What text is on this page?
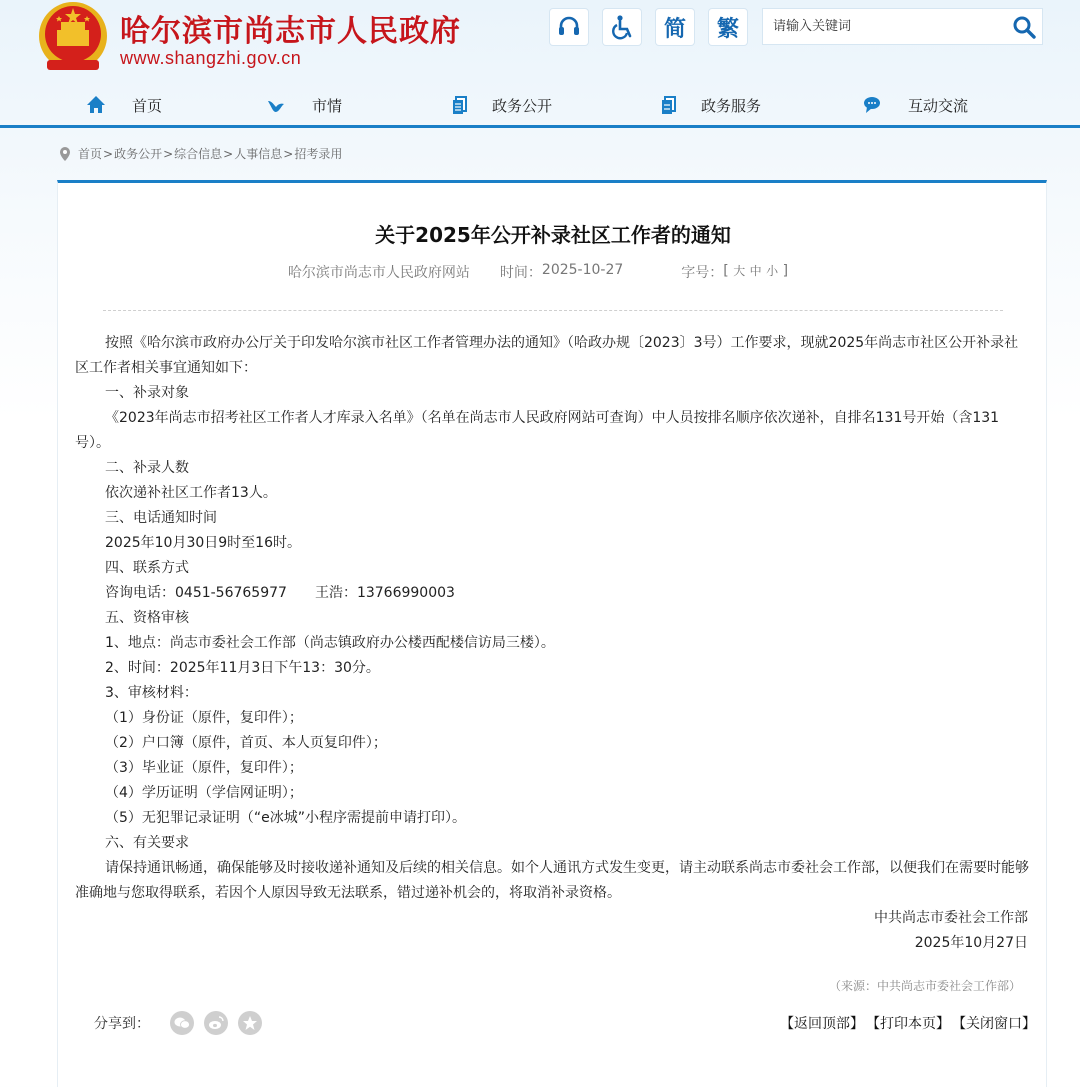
哈尔滨市尚志市人民政府
www.shangzhi.gov.cn
简	繁	请输入关键词
首页	市情	政务公开	政务服务	互动交流
首页 > 政务公开 > 综合信息 > 人事信息 > 招考录用
关于2025年公开补录社区工作者的通知
哈尔滨市尚志市人民政府网站 时间： 2025-10-27	字号： [ 大 中 小 ]

按照《哈尔滨市政府办公厅关于印发哈尔滨市社区工作者管理办法的通知》（哈政办规〔2023〕3号）工作要求，现就2025年尚志市社区公开补录社区工作者相关事宜通知如下：

一、补录对象

《2023年尚志市招考社区工作者人才库录入名单》（名单在尚志市人民政府网站可查询）中人员按排名顺序依次递补，自排名131号开始（含131号）。

二、补录人数

依次递补社区工作者13人。

三、电话通知时间

2025年10月30日9时至16时。

四、联系方式

咨询电话：0451-56765977　　王浩：13766990003

五、资格审核

1、地点：尚志市委社会工作部（尚志镇政府办公楼西配楼信访局三楼）。

2、时间：2025年11月3日下午13：30分。

3、审核材料：

（1）身份证（原件，复印件）；

（2）户口簿（原件，首页、本人页复印件）；

（3）毕业证（原件，复印件）；

（4）学历证明（学信网证明）；

（5）无犯罪记录证明（“e冰城”小程序需提前申请打印）。

六、有关要求

请保持通讯畅通，确保能够及时接收递补通知及后续的相关信息。如个人通讯方式发生变更，请主动联系尚志市委社会工作部，以便我们在需要时能够准确地与您取得联系，若因个人原因导致无法联系，错过递补机会的，将取消补录资格。

中共尚志市委社会工作部

2025年10月27日

（来源：中共尚志市委社会工作部）
分享到：	【返回顶部】 【打印本页】 【关闭窗口】
